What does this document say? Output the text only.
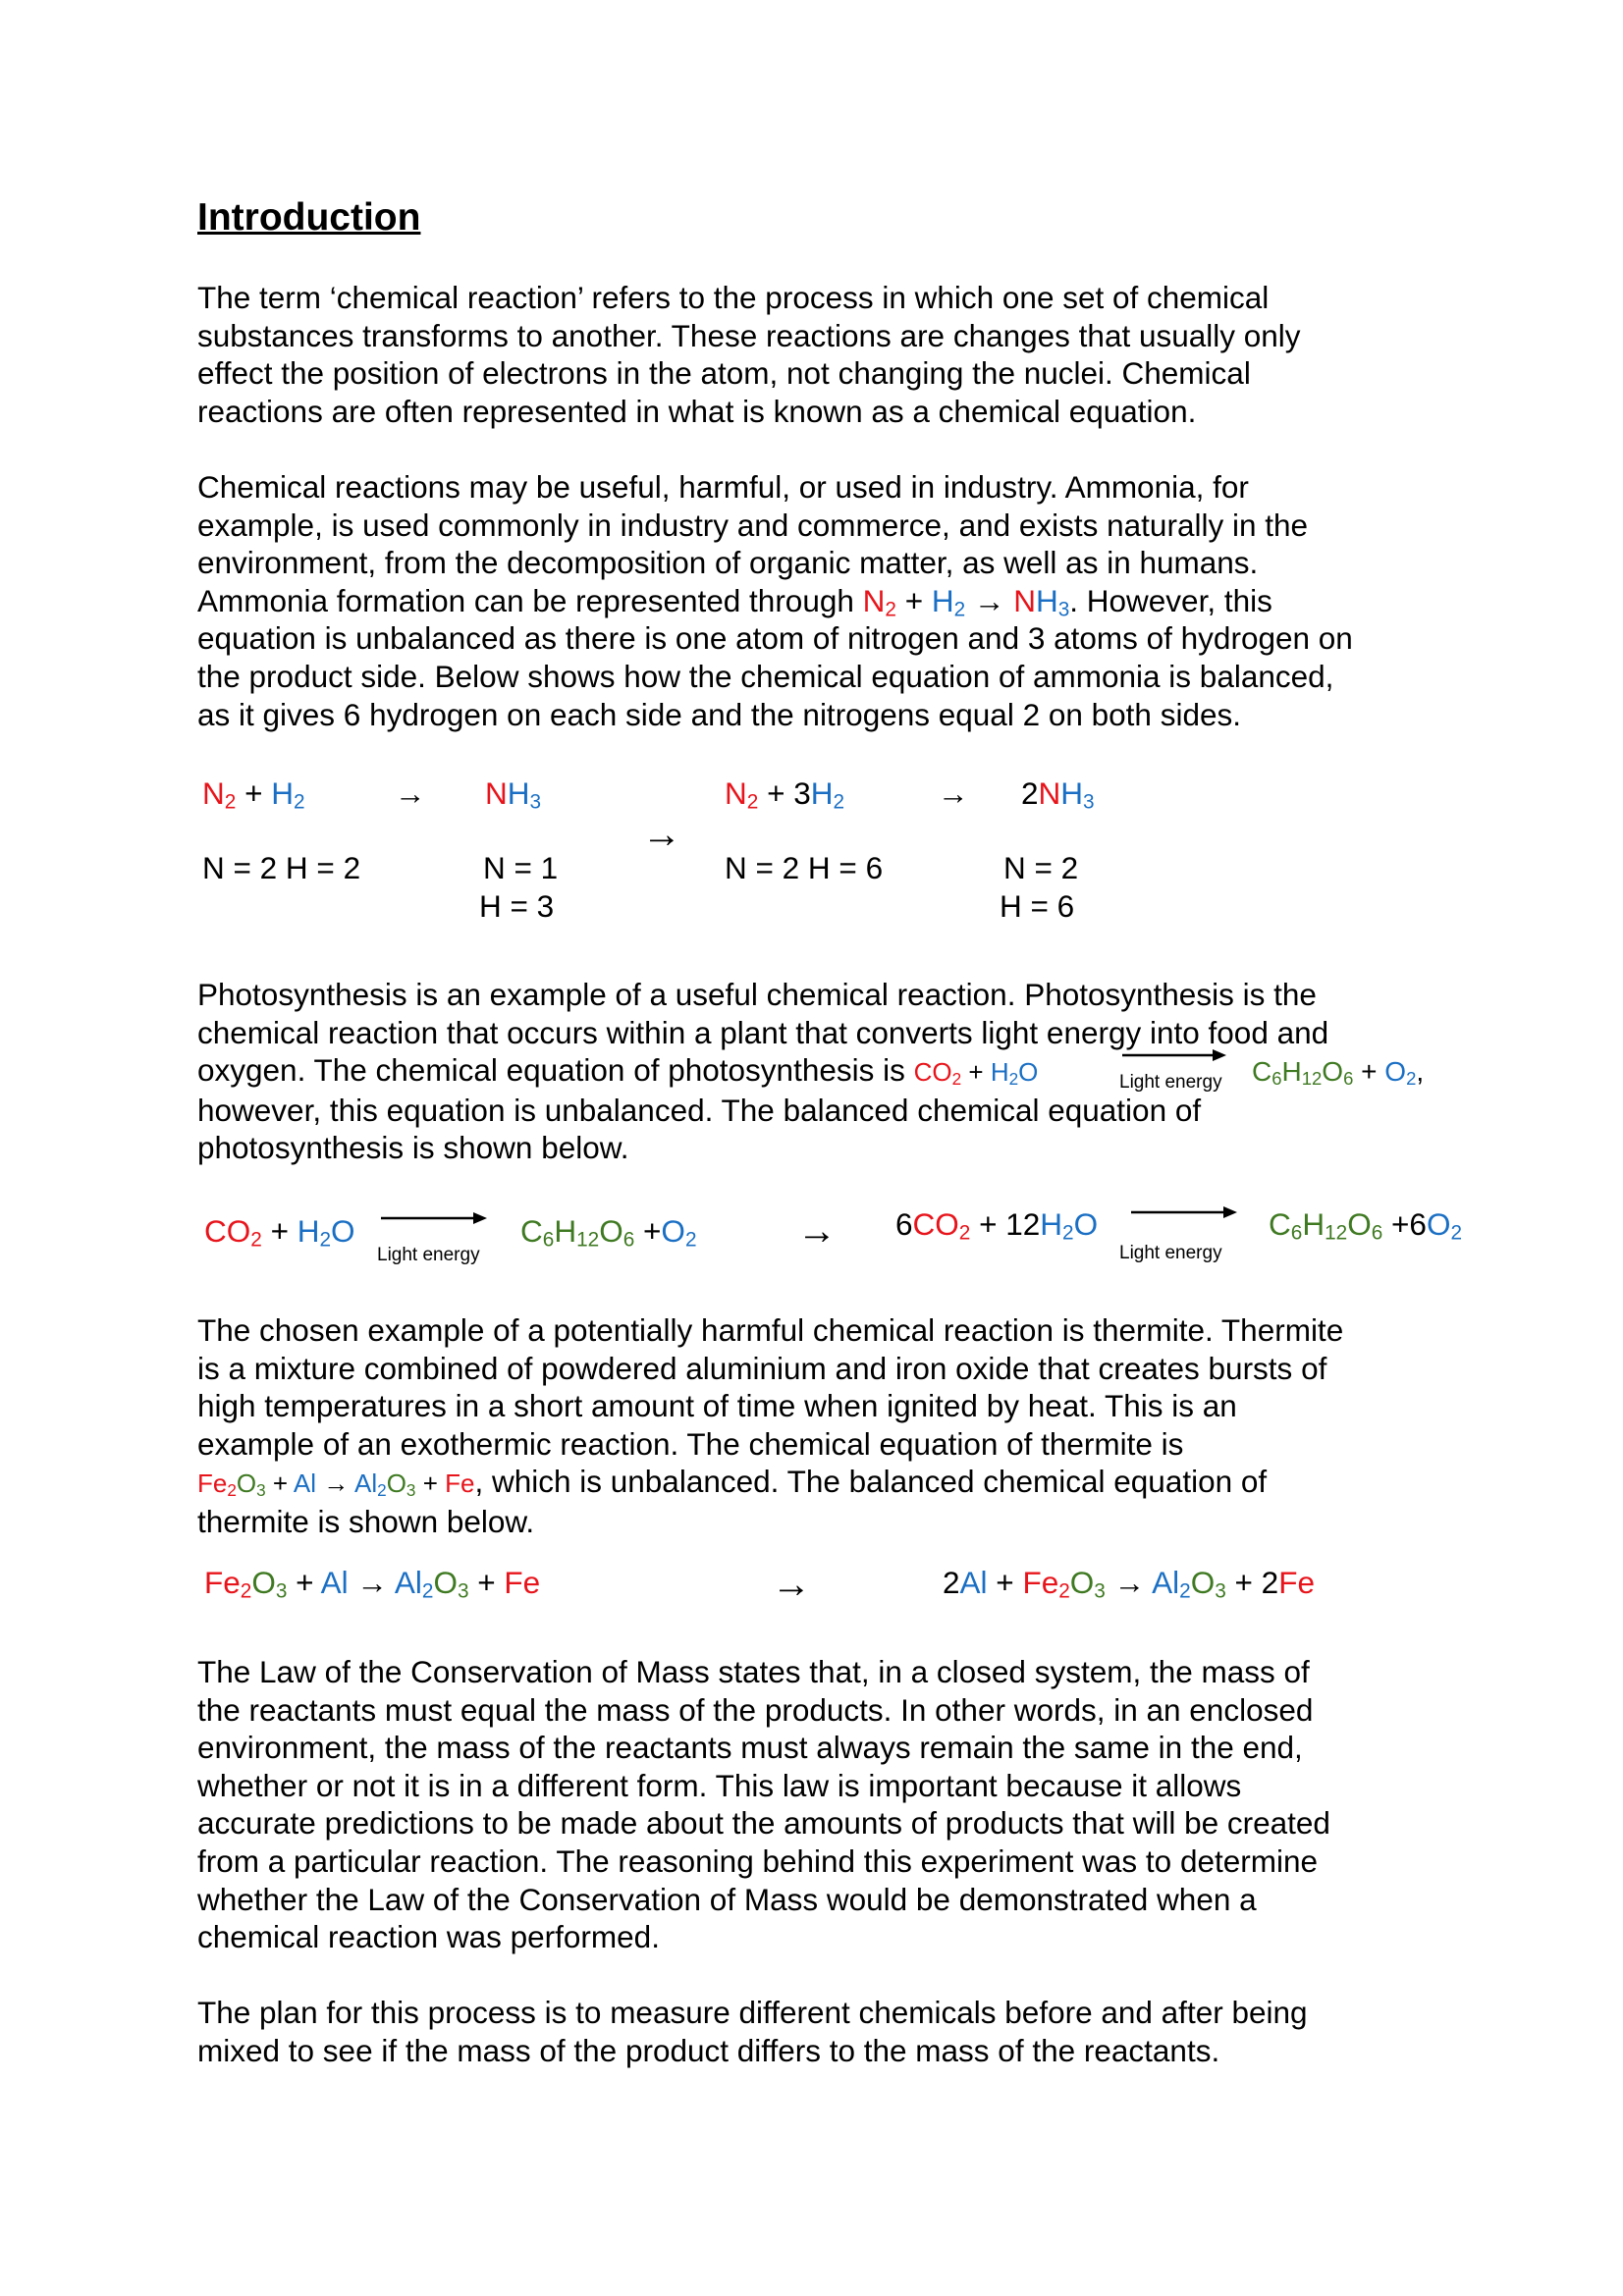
Introduction
The term ‘chemical reaction’ refers to the process in which one set of chemical
substances transforms to another. These reactions are changes that usually only
effect the position of electrons in the atom, not changing the nuclei. Chemical
reactions are often represented in what is known as a chemical equation.
Chemical reactions may be useful, harmful, or used in industry. Ammonia, for
example, is used commonly in industry and commerce, and exists naturally in the
environment, from the decomposition of organic matter, as well as in humans.
Ammonia formation can be represented through $N_2 + H_2 \to NH_3$. However, this
equation is unbalanced as there is one atom of nitrogen and 3 atoms of hydrogen on
the product side. Below shows how the chemical equation of ammonia is balanced,
as it gives 6 hydrogen on each side and the nitrogens equal 2 on both sides.
$N_2 + H_2$	→ $NH_3$
→
$N_2 + 3H_2$	→ $2NH_3$
N = 2 H = 2	N = 1
H = 3
N = 2 H = 6	N = 2
H = 6
Photosynthesis is an example of a useful chemical reaction. Photosynthesis is the
chemical reaction that occurs within a plant that converts light energy into food and
oxygen. The chemical equation of photosynthesis is $CO_2 + H_2O$
however, this equation is unbalanced. The balanced chemical equation of
photosynthesis is shown below.
Light energy $C_6H_{12}O_6 + O_2$,
$CO_2 + H_2O$
Light energy
$C_6H_{12}O_6 +O_2$	→ $6CO_2 + 12H_2O$
Light energy
$C_6H_{12}O_6 +6O_2$
The chosen example of a potentially harmful chemical reaction is thermite. Thermite
is a mixture combined of powdered aluminium and iron oxide that creates bursts of
high temperatures in a short amount of time when ignited by heat. This is an
example of an exothermic reaction. The chemical equation of thermite is
$Fe_2O_3 + Al \to Al_2O_3 + Fe$, which is unbalanced. The balanced chemical equation of
thermite is shown below.
$Fe_2O_3 + Al \to Al_2O_3 + Fe$	→	$2Al + Fe_2O_3 \to Al_2O_3 + 2Fe$
The Law of the Conservation of Mass states that, in a closed system, the mass of
the reactants must equal the mass of the products. In other words, in an enclosed
environment, the mass of the reactants must always remain the same in the end,
whether or not it is in a different form. This law is important because it allows
accurate predictions to be made about the amounts of products that will be created
from a particular reaction. The reasoning behind this experiment was to determine
whether the Law of the Conservation of Mass would be demonstrated when a
chemical reaction was performed.
The plan for this process is to measure different chemicals before and after being
mixed to see if the mass of the product differs to the mass of the reactants.
